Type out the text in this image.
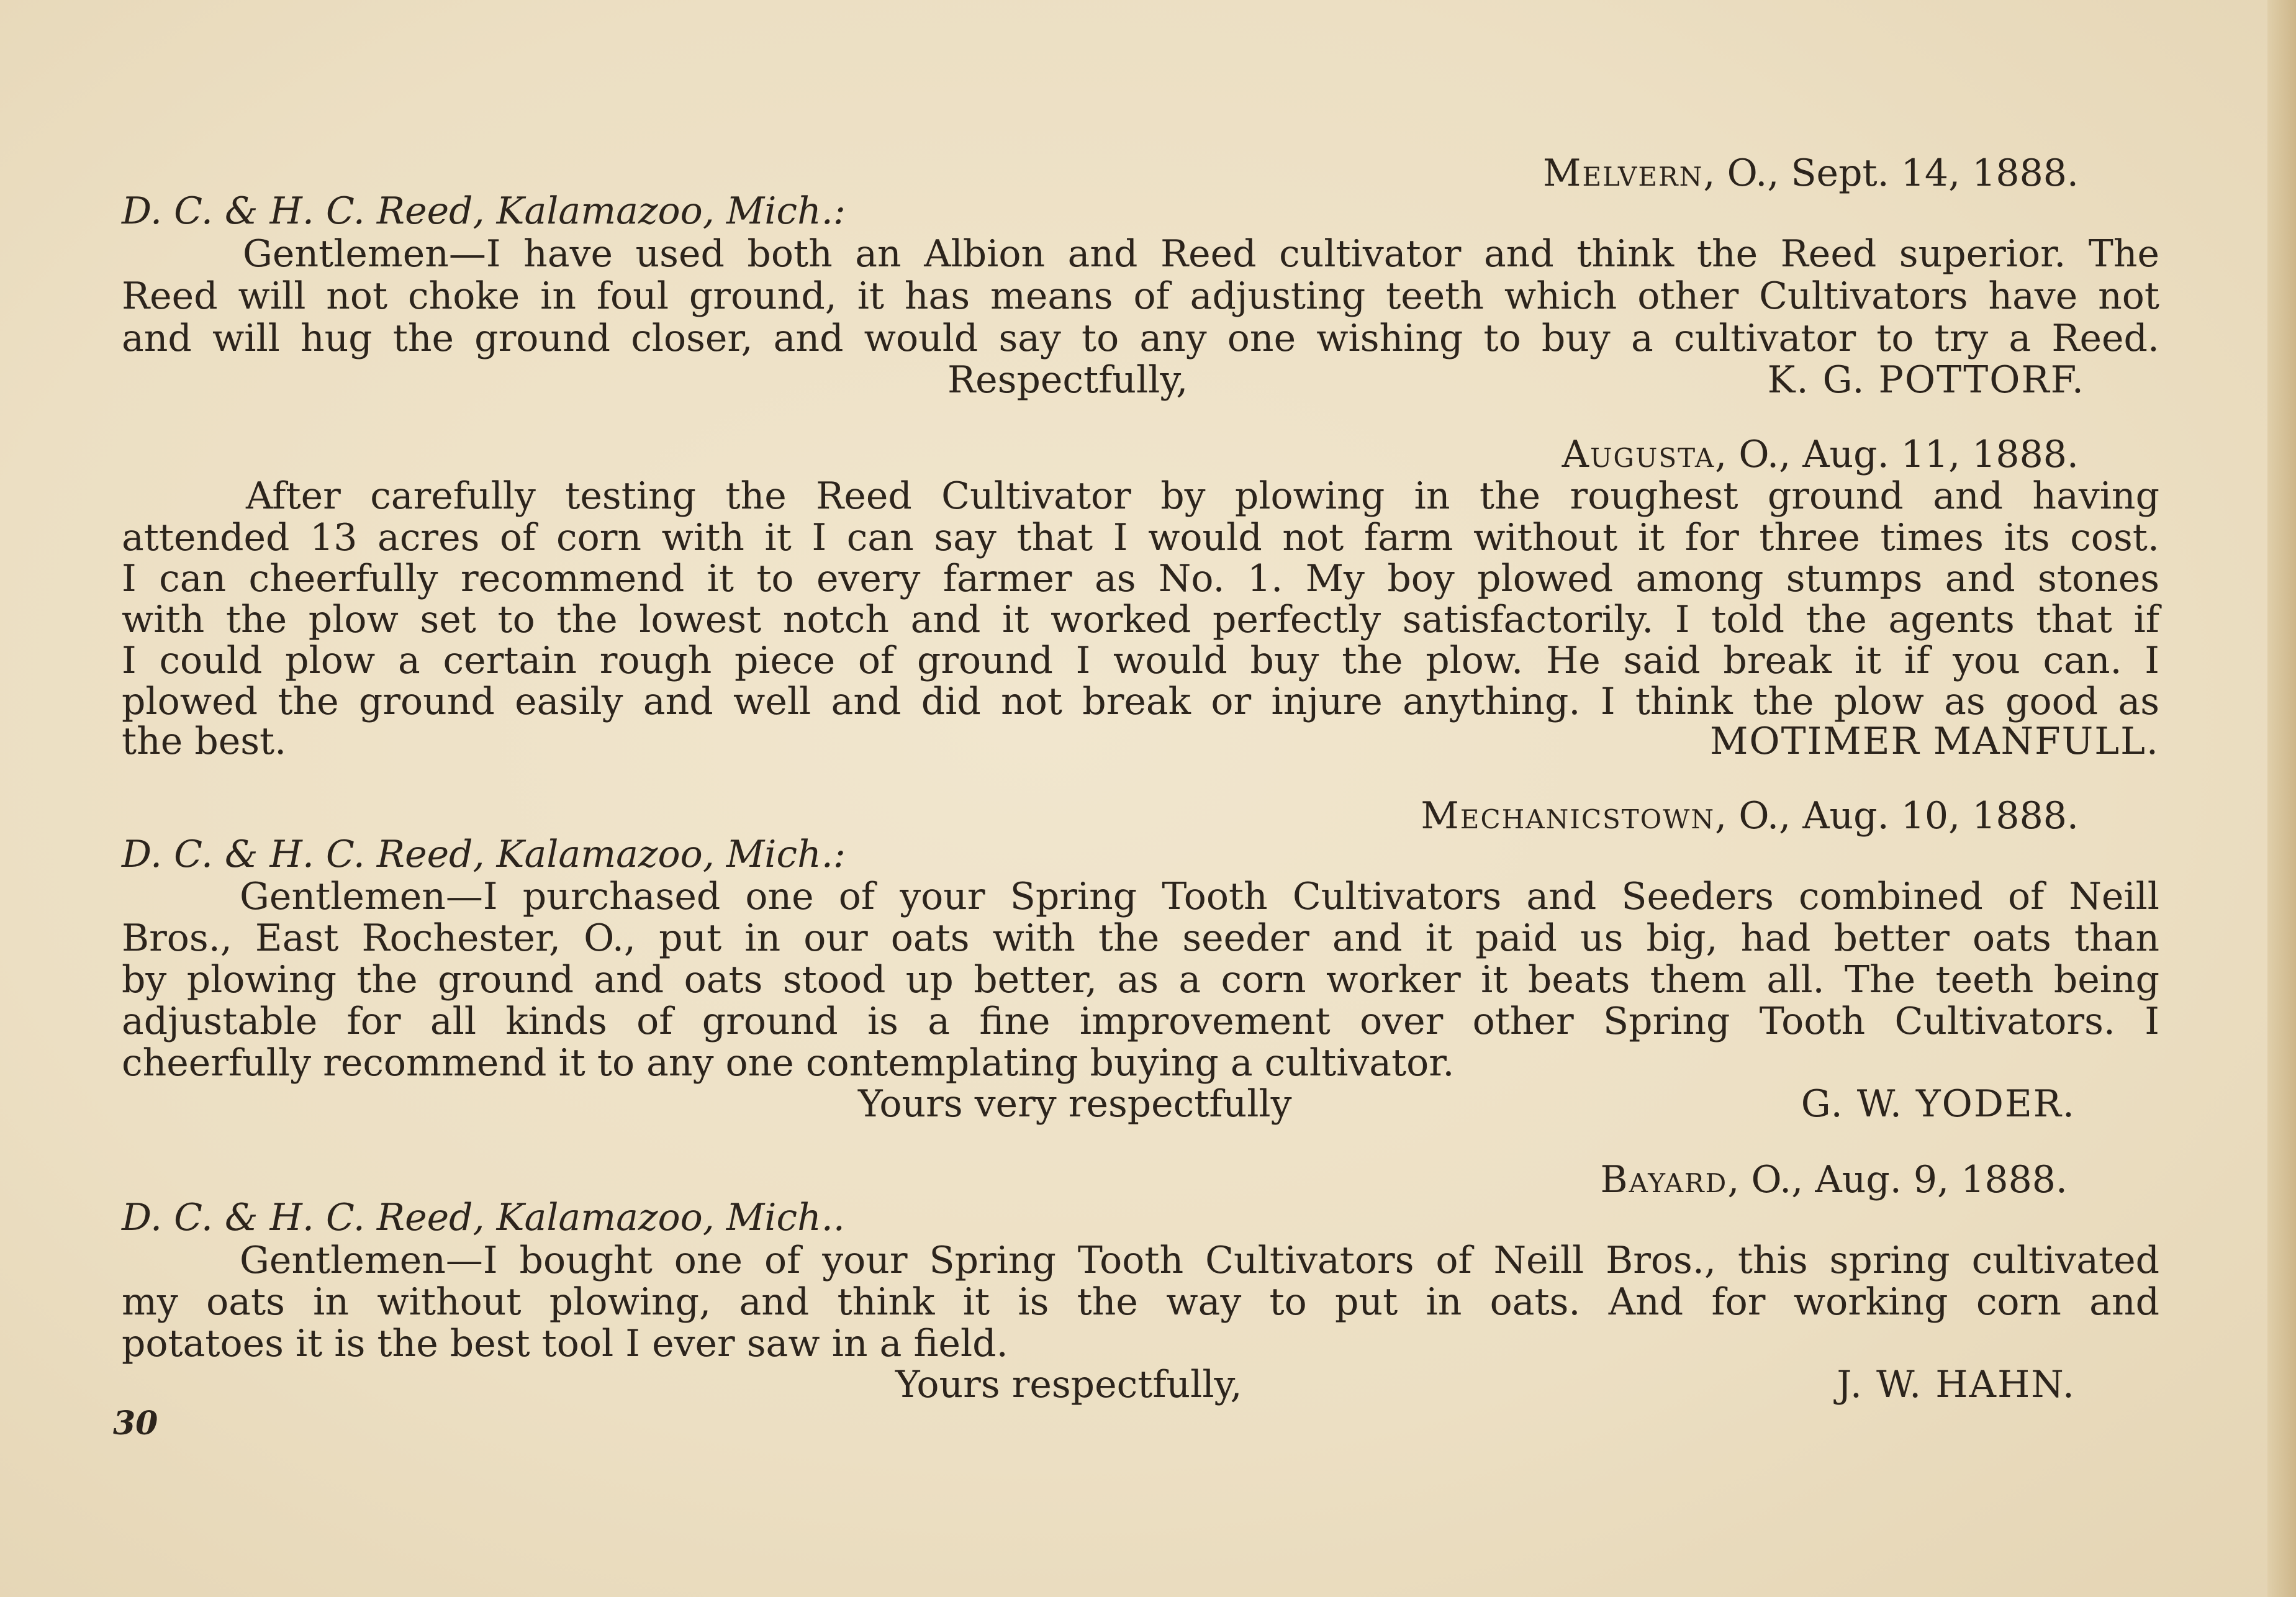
Melvern, O., Sept. 14, 1888.
D. C. & H. C. Reed, Kalamazoo, Mich.:
Gentlemen—I have used both an Albion and Reed cultivator and think the Reed superior. The
Reed will not choke in foul ground, it has means of adjusting teeth which other Cultivators have not
and will hug the ground closer, and would say to any one wishing to buy a cultivator to try a Reed.
Respectfully,	K. G. POTTORF.
Augusta, O., Aug. 11, 1888.
After carefully testing the Reed Cultivator by plowing in the roughest ground and having
attended 13 acres of corn with it I can say that I would not farm without it for three times its cost.
I can cheerfully recommend it to every farmer as No. 1. My boy plowed among stumps and stones
with the plow set to the lowest notch and it worked perfectly satisfactorily. I told the agents that if
I could plow a certain rough piece of ground I would buy the plow. He said break it if you can. I
plowed the ground easily and well and did not break or injure anything. I think the plow as good as
the best.	MOTIMER MANFULL.
Mechanicstown, O., Aug. 10, 1888.
D. C. & H. C. Reed, Kalamazoo, Mich.:
Gentlemen—I purchased one of your Spring Tooth Cultivators and Seeders combined of Neill
Bros., East Rochester, O., put in our oats with the seeder and it paid us big, had better oats than
by plowing the ground and oats stood up better, as a corn worker it beats them all. The teeth being
adjustable for all kinds of ground is a fine improvement over other Spring Tooth Cultivators. I
cheerfully recommend it to any one contemplating buying a cultivator.
Yours very respectfully	G. W. YODER.
Bayard, O., Aug. 9, 1888.
D. C. & H. C. Reed, Kalamazoo, Mich..
Gentlemen—I bought one of your Spring Tooth Cultivators of Neill Bros., this spring cultivated
my oats in without plowing, and think it is the way to put in oats. And for working corn and
potatoes it is the best tool I ever saw in a field.
Yours respectfully,	J. W. HAHN.
30
